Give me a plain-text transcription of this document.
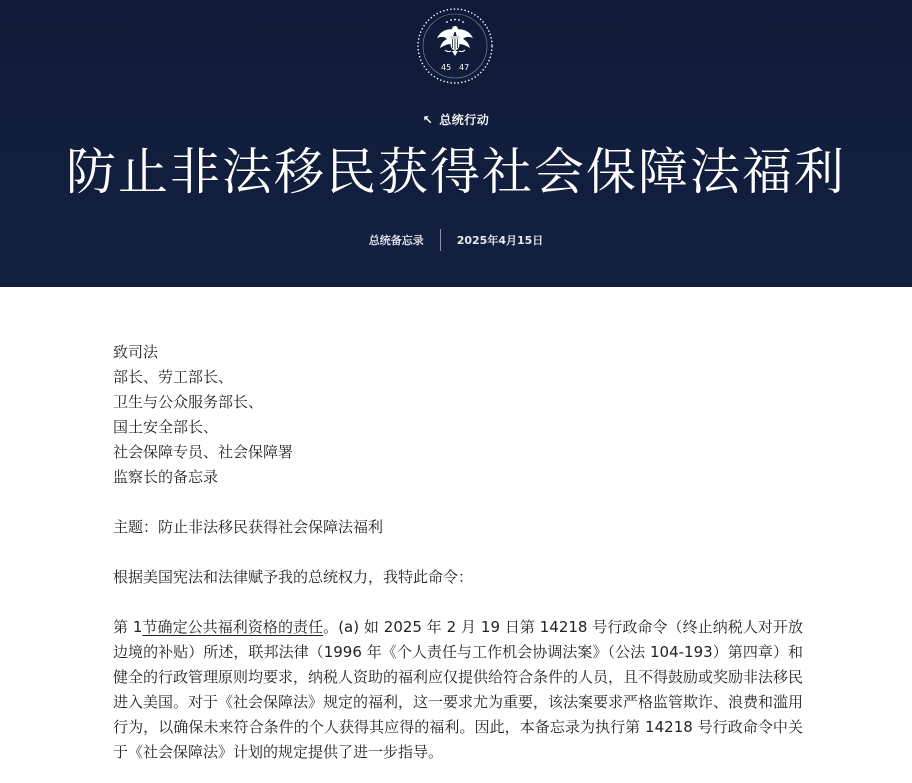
45 47
↖ 总统行动
防止非法移民获得社会保障法福利
总统备忘录	2025年4月15日
致司法
部长、劳工部长、
卫生与公众服务部长、
国土安全部长、
社会保障专员、社会保障署
监察长的备忘录

主题：防止非法移民获得社会保障法福利

根据美国宪法和法律赋予我的总统权力，我特此命令：

第 1节确定公共福利资格的责任。(a) 如 2025 年 2 月 19 日第 14218 号行政命令（终止纳税人对开放边境的补贴）所述，联邦法律（1996 年《个人责任与工作机会协调法案》（公法 104-193）第四章）和健全的行政管理原则均要求，纳税人资助的福利应仅提供给符合条件的人员，且不得鼓励或奖励非法移民进入美国。对于《社会保障法》规定的福利，这一要求尤为重要，该法案要求严格监管欺诈、浪费和滥用行为，以确保未来符合条件的个人获得其应得的福利。因此，本备忘录为执行第 14218 号行政命令中关于《社会保障法》计划的规定提供了进一步指导。
